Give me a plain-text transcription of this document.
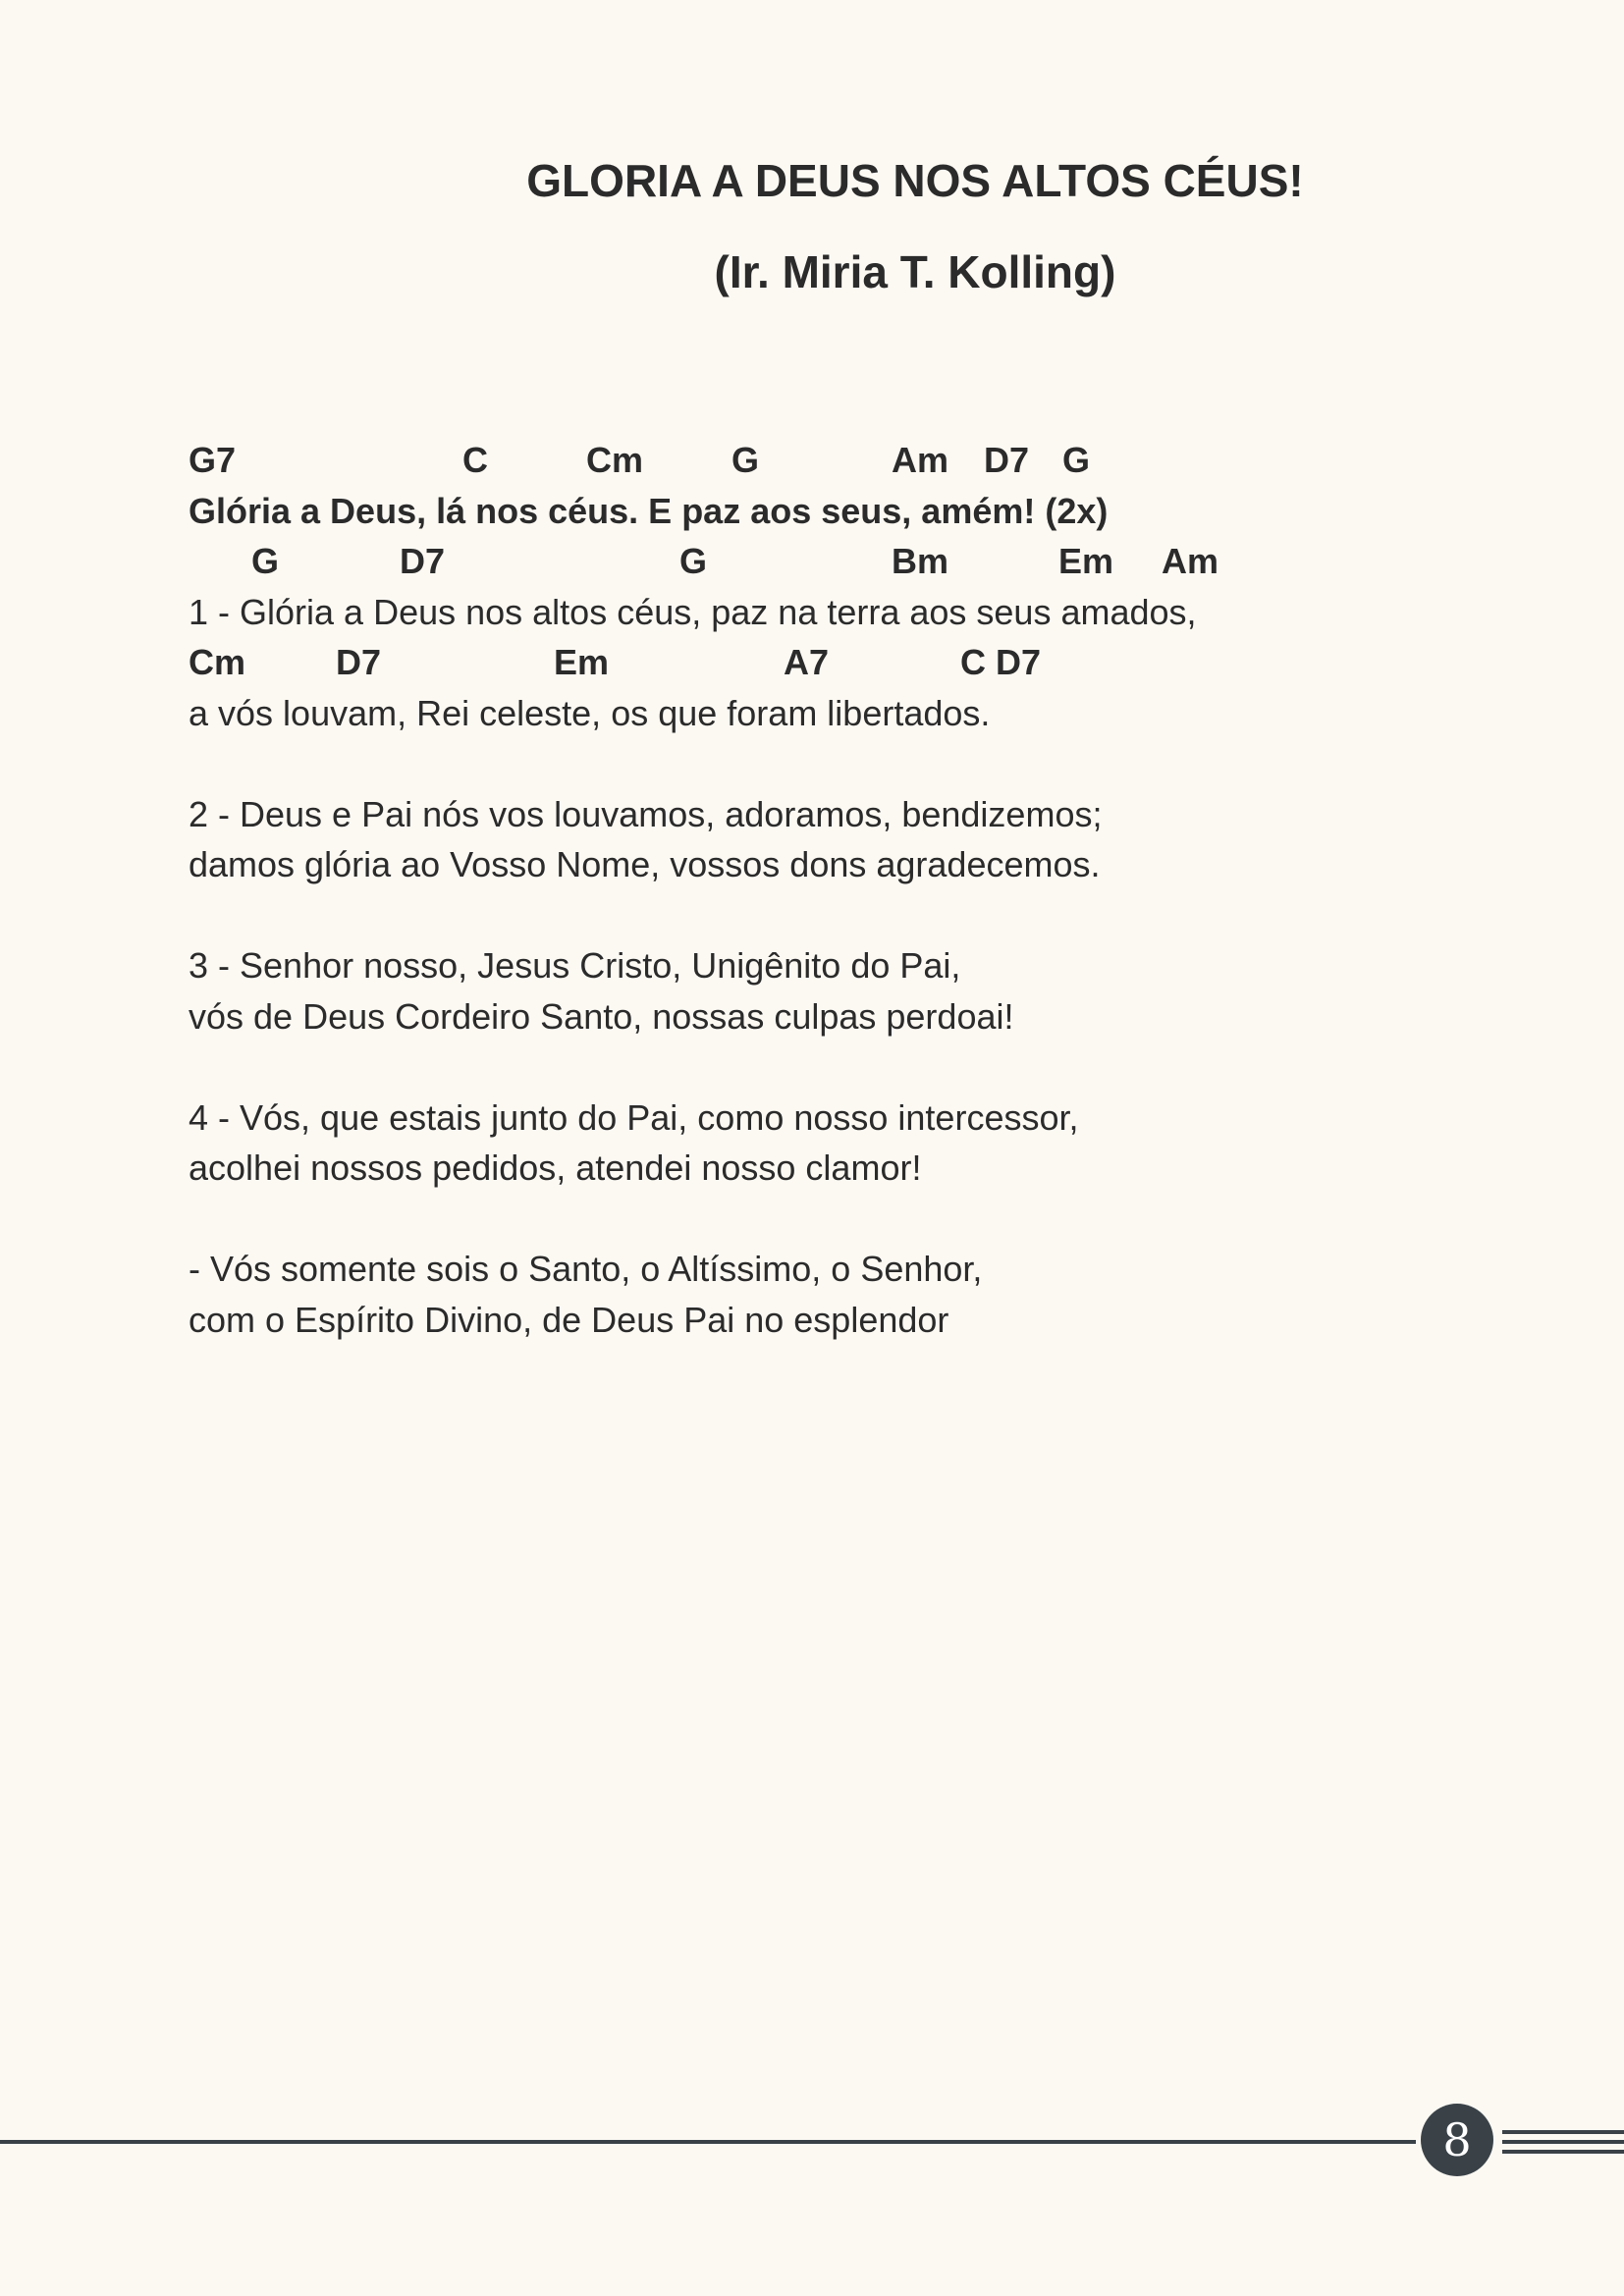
GLORIA A DEUS NOS ALTOS CÉUS!
(Ir. Miria T. Kolling)
G7	C	Cm G	Am D7 G
Glória a Deus, lá nos céus. E paz aos seus, amém! (2x)
G	D7	G	Bm	Em Am
1 - Glória a Deus nos altos céus, paz na terra aos seus amados,
Cm	D7	Em	A7	C D7
a vós louvam, Rei celeste, os que foram libertados.
2 - Deus e Pai nós vos louvamos, adoramos, bendizemos;
damos glória ao Vosso Nome, vossos dons agradecemos.
3 - Senhor nosso, Jesus Cristo, Unigênito do Pai,
vós de Deus Cordeiro Santo, nossas culpas perdoai!
4 - Vós, que estais junto do Pai, como nosso intercessor,
acolhei nossos pedidos, atendei nosso clamor!
- Vós somente sois o Santo, o Altíssimo, o Senhor,
com o Espírito Divino, de Deus Pai no esplendor
8
